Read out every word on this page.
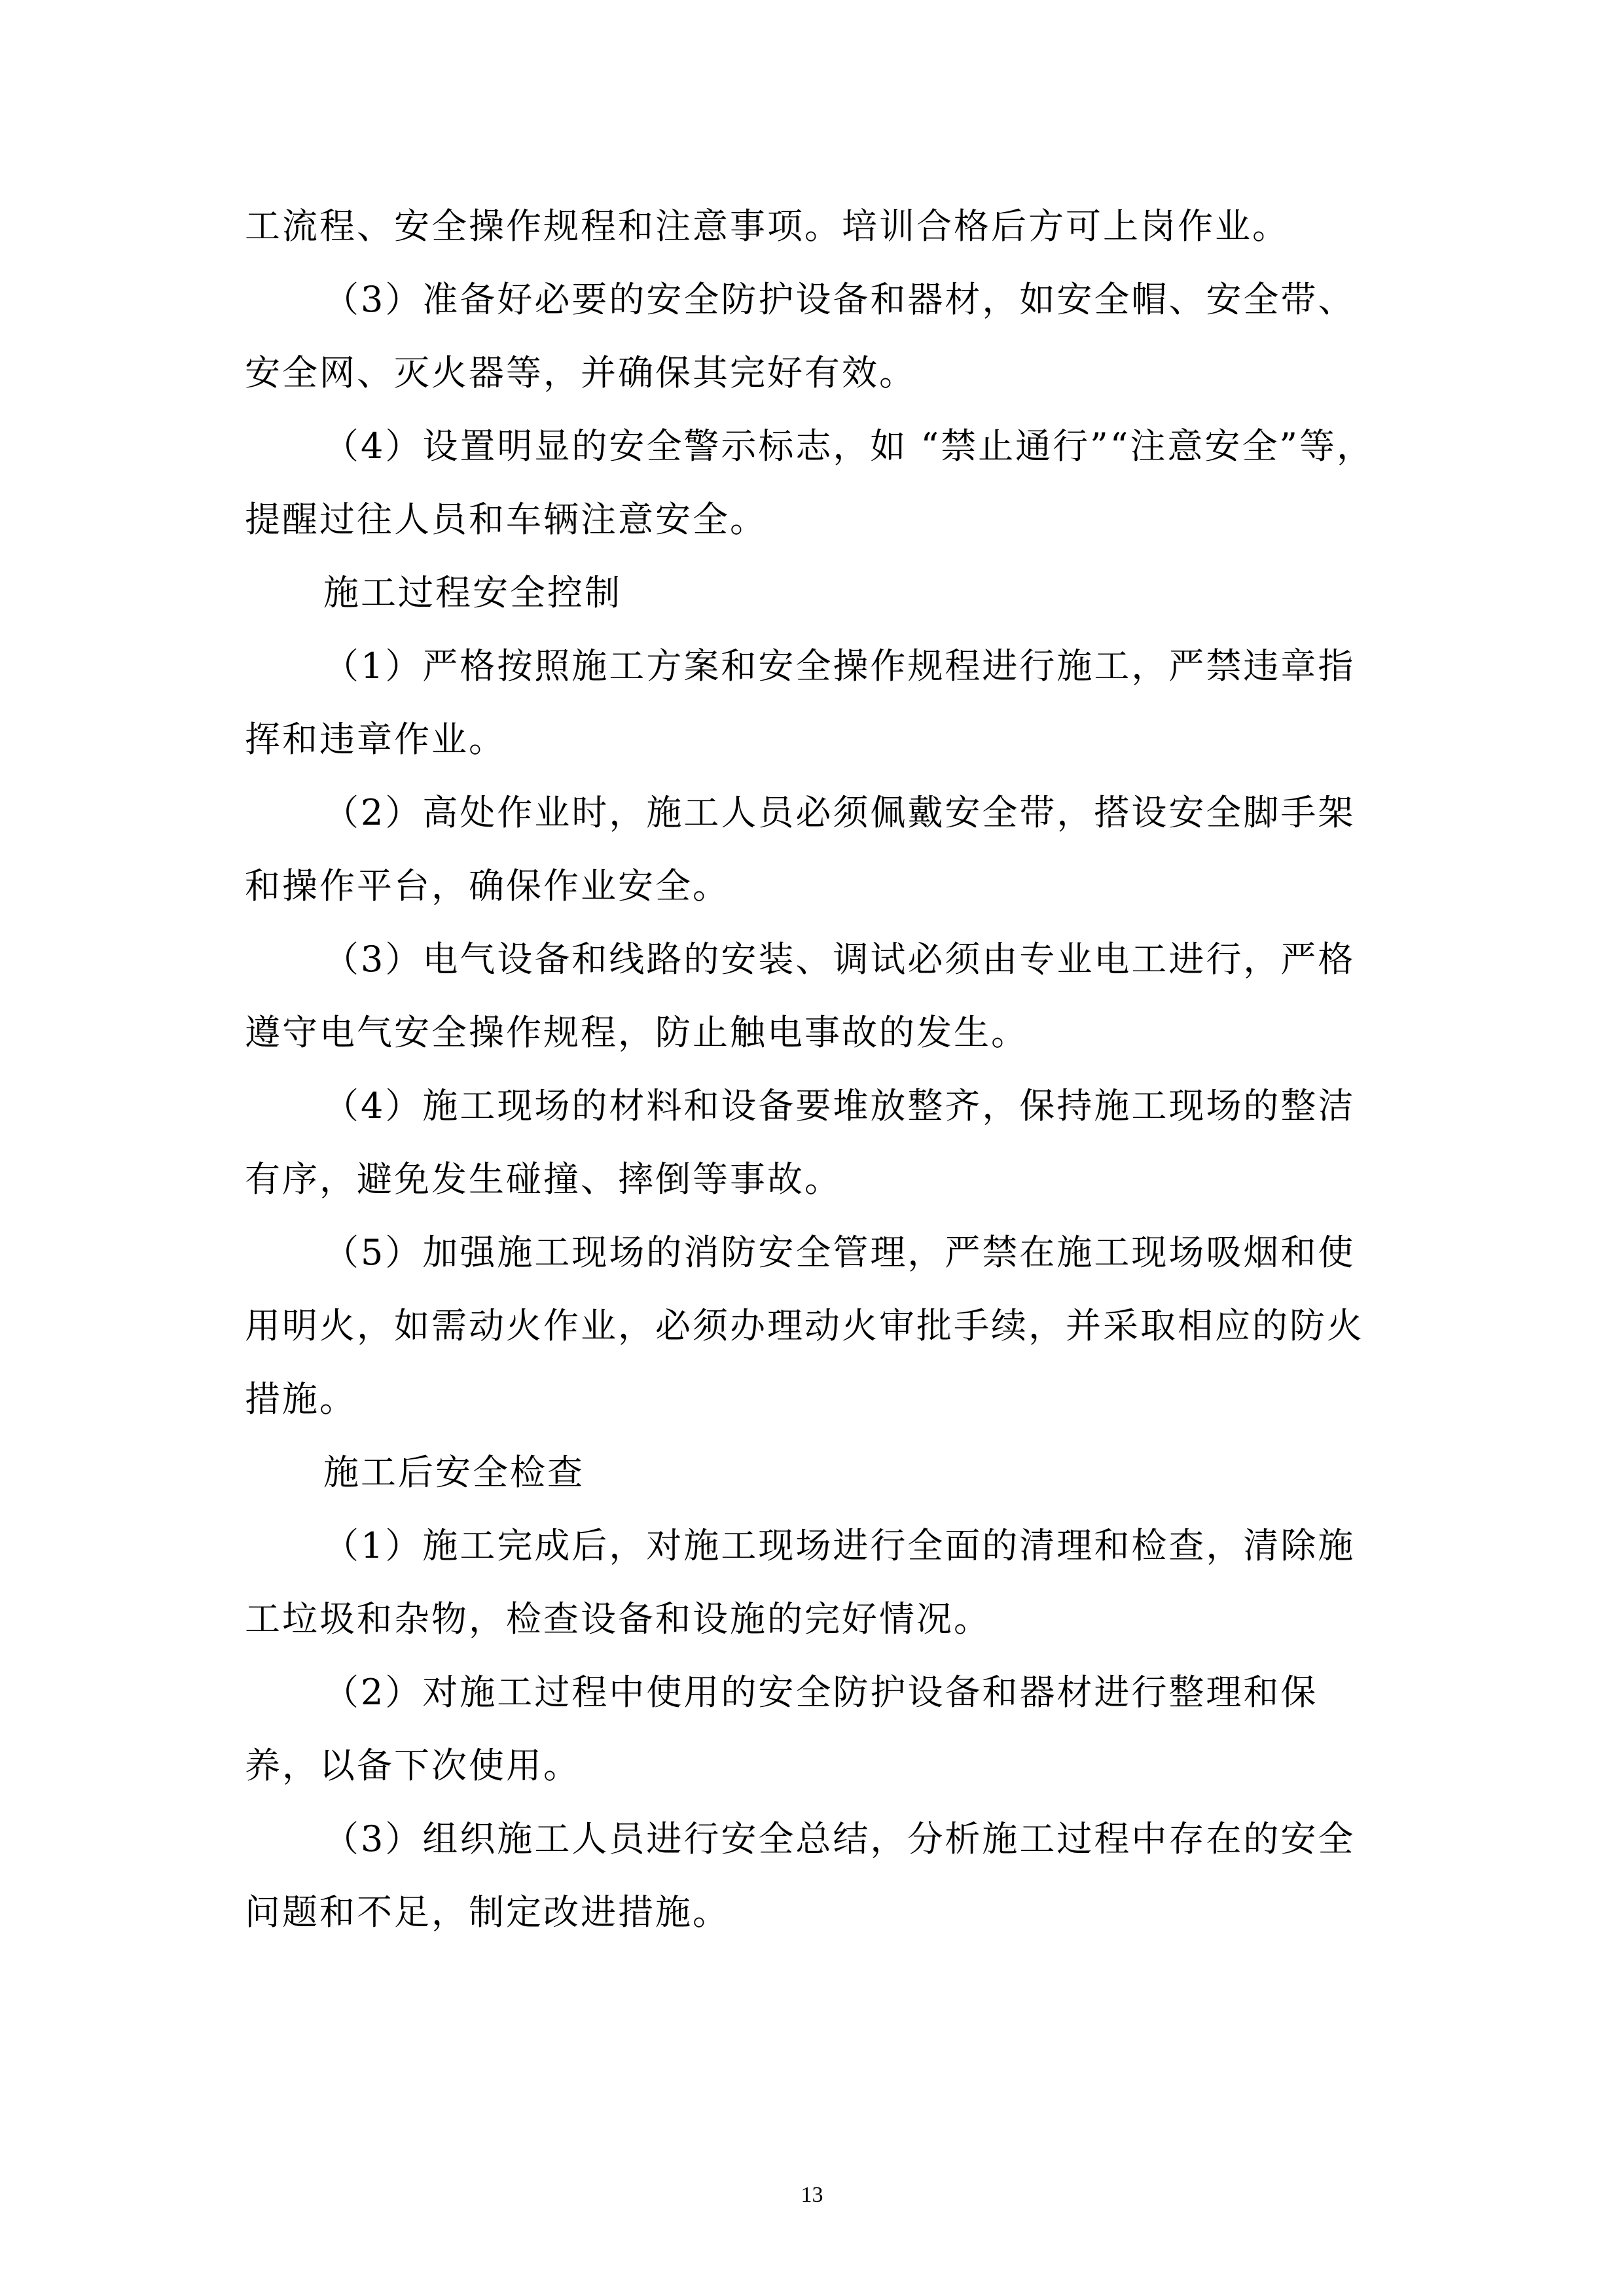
工流程、安全操作规程和注意事项。培训合格后方可上岗作业。

（3）准备好必要的安全防护设备和器材，如安全帽、安全带、安全网、灭火器等，并确保其完好有效。

（4）设置明显的安全警示标志，如 “禁止通行”“注意安全”等，提醒过往人员和车辆注意安全。

施工过程安全控制

（1）严格按照施工方案和安全操作规程进行施工，严禁违章指挥和违章作业。

（2）高处作业时，施工人员必须佩戴安全带，搭设安全脚手架和操作平台，确保作业安全。

（3）电气设备和线路的安装、调试必须由专业电工进行，严格遵守电气安全操作规程，防止触电事故的发生。

（4）施工现场的材料和设备要堆放整齐，保持施工现场的整洁有序，避免发生碰撞、摔倒等事故。

（5）加强施工现场的消防安全管理，严禁在施工现场吸烟和使用明火，如需动火作业，必须办理动火审批手续，并采取相应的防火措施。

施工后安全检查

（1）施工完成后，对施工现场进行全面的清理和检查，清除施工垃圾和杂物，检查设备和设施的完好情况。

（2）对施工过程中使用的安全防护设备和器材进行整理和保养，以备下次使用。

（3）组织施工人员进行安全总结，分析施工过程中存在的安全问题和不足，制定改进措施。

13
